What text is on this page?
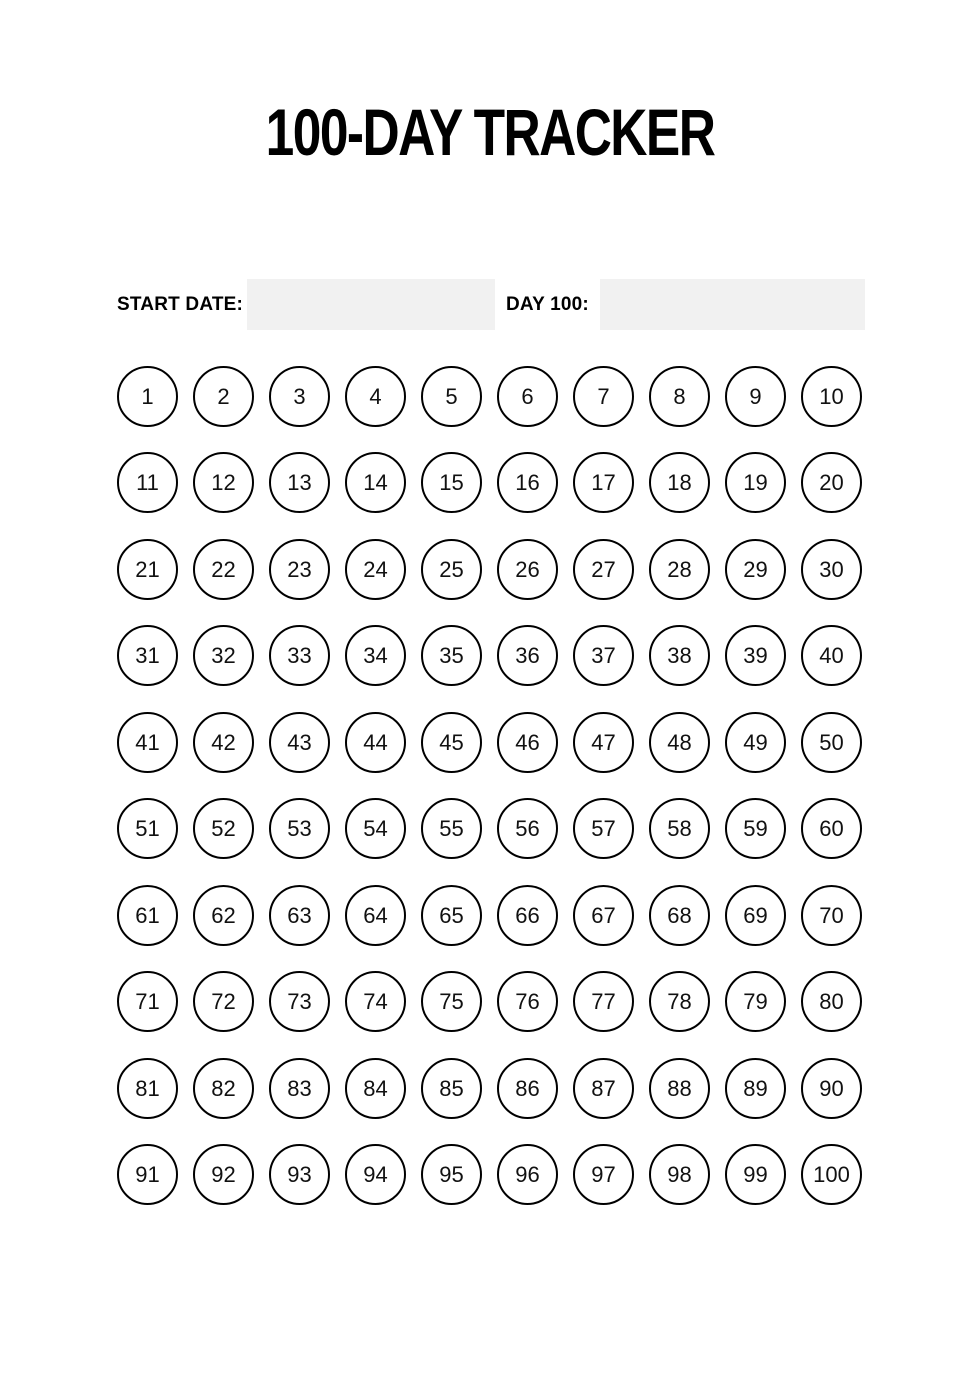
100-DAY TRACKER
START DATE:	DAY 100:
1	2	3	4	5	6	7	8	9	10
11	12	13	14	15	16	17	18	19	20
21	22	23	24	25	26	27	28	29	30
31	32	33	34	35	36	37	38	39	40
41	42	43	44	45	46	47	48	49	50
51	52	53	54	55	56	57	58	59	60
61	62	63	64	65	66	67	68	69	70
71	72	73	74	75	76	77	78	79	80
81	82	83	84	85	86	87	88	89	90
91	92	93	94	95	96	97	98	99	100
